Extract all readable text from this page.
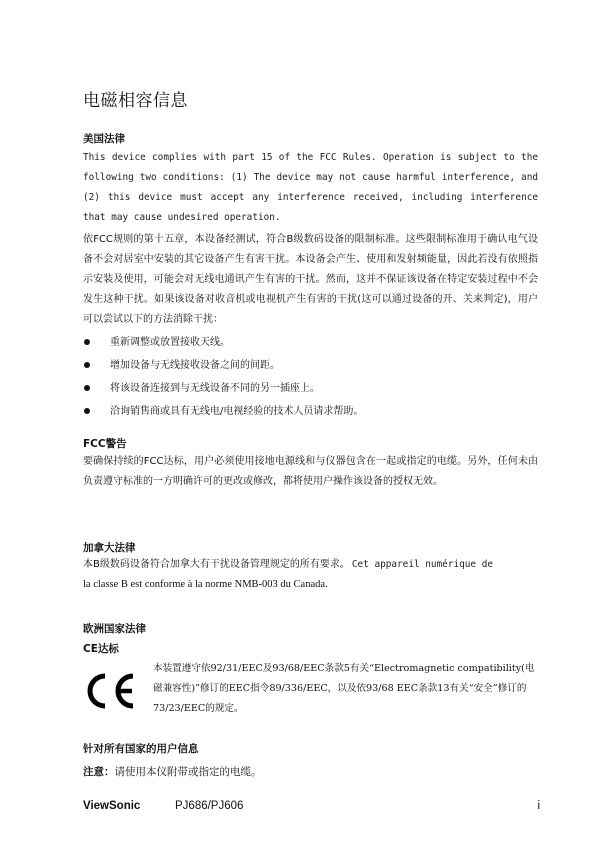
电磁相容信息
美国法律
This device complies with part 15 of the FCC Rules. Operation is subject to the following two conditions: (1) The device may not cause harmful interference, and (2) this device must accept any interference received, including interference that may cause undesired operation.
依FCC规则的第十五章，本设备经测试，符合B级数码设备的限制标准。这些限制标准用于确认电气设备不会对居室中安装的其它设备产生有害干扰。本设备会产生、使用和发射频能量，因此若没有依照指示安装及使用，可能会对无线电通讯产生有害的干扰。然而，这并不保证该设备在特定安装过程中不会发生这种干扰。如果该设备对收音机或电视机产生有害的干扰(这可以通过设备的开、关来判定)，用户可以尝试以下的方法消除干扰：
重新调整或放置接收天线。
增加设备与无线接收设备之间的间距。
将该设备连接到与无线设备不同的另一插座上。
洽询销售商或具有无线电/电视经验的技术人员请求帮助。
FCC警告
要确保持续的FCC达标，用户必须使用接地电源线和与仪器包含在一起或指定的电缆。另外，任何未由负责遵守标准的一方明确许可的更改或修改，都将使用户操作该设备的授权无效。
加拿大法律
本B级数码设备符合加拿大有干扰设备管理规定的所有要求。 Cet appareil numérique de
la classe B est conforme à la norme NMB-003 du Canada.
欧洲国家法律
CE达标
本装置遵守依92/31/EEC及93/68/EEC条款5有关“Electromagnetic compatibility(电磁兼容性)”修订的EEC指令89/336/EEC，以及依93/68 EEC条款13有关“安全”修订的73/23/EEC的规定。
针对所有国家的用户信息
注意：请使用本仪附带或指定的电缆。
ViewSonic	PJ686/PJ606	i
